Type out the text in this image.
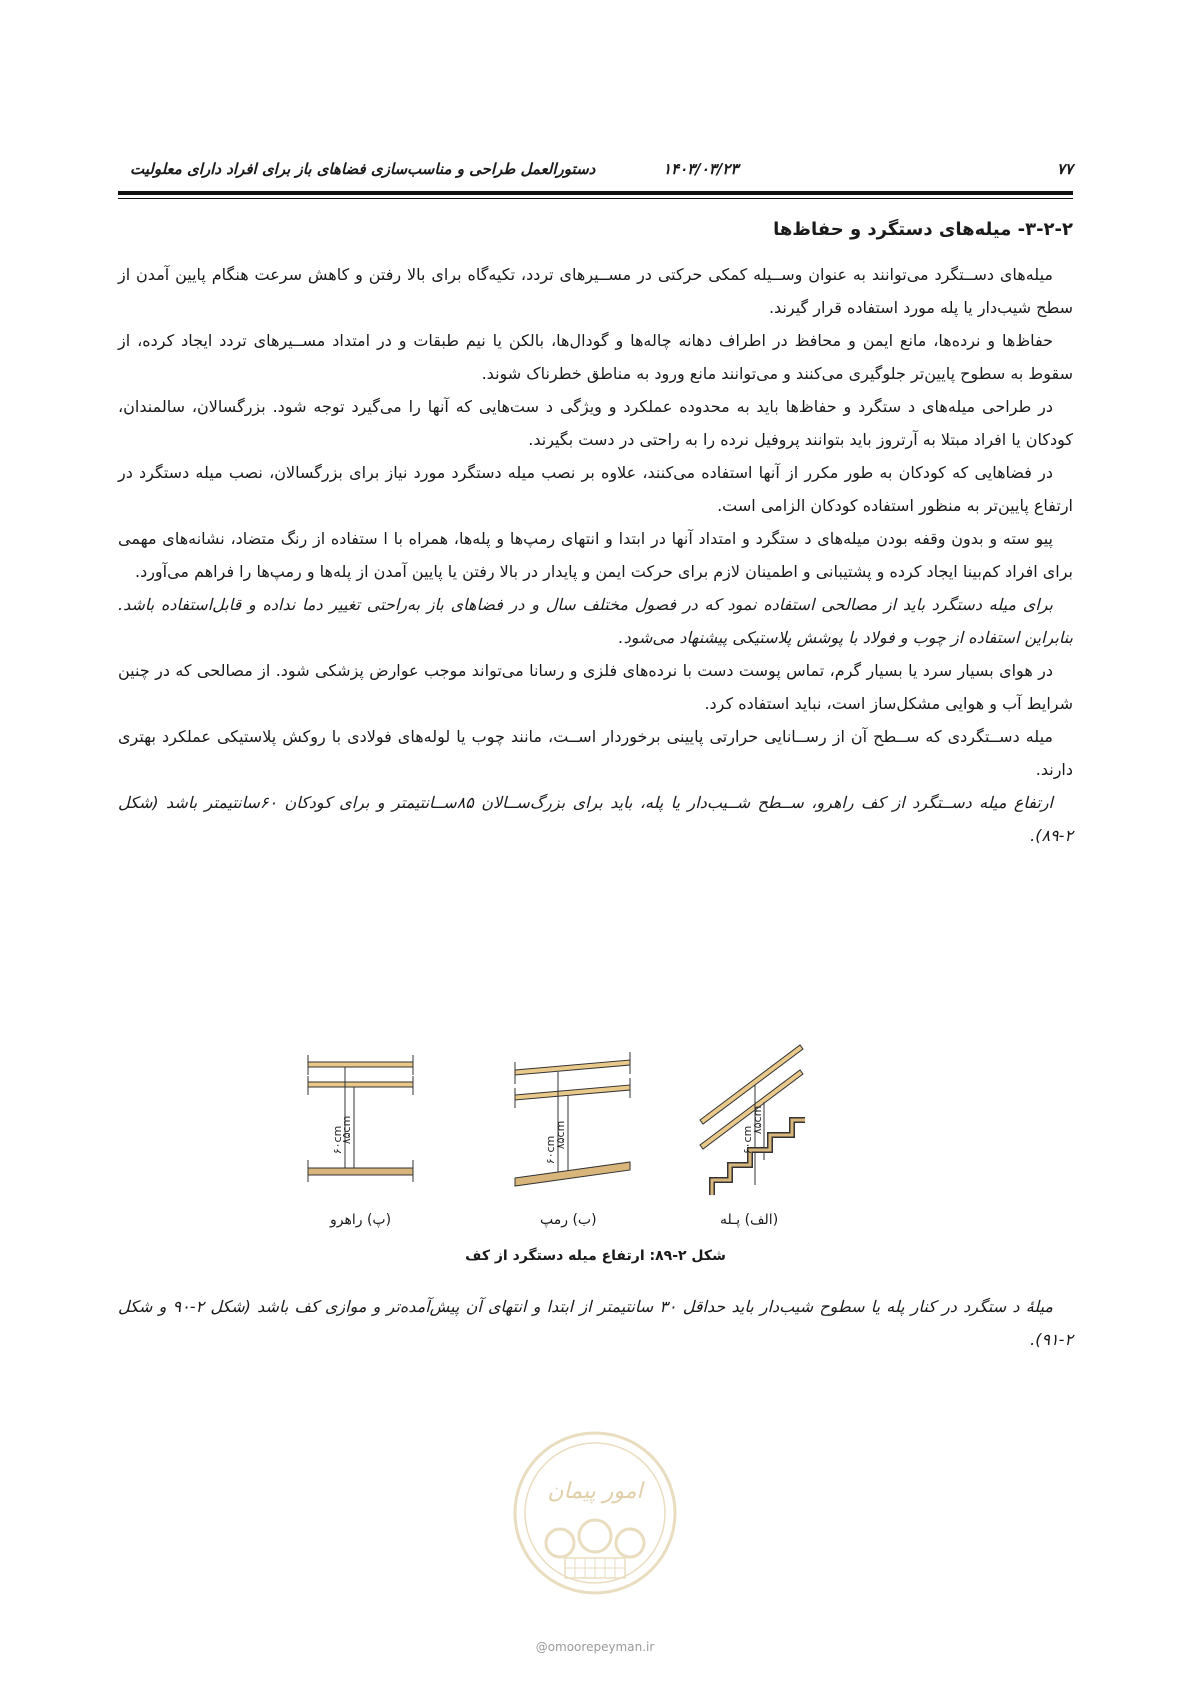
۷۷
۱۴۰۳/۰۳/۲۳
دستورالعمل طراحی و مناسب‌سازی فضاهای باز برای افراد دارای معلولیت
۳-۲-۲- میله‌های دستگرد و حفاظ‌ها

میله‌های دســتگرد می‌توانند به عنوان وســیله کمکی حرکتی در مســیرهای تردد، تکیه‌گاه برای بالا رفتن و کاهش سرعت هنگام پایین آمدن از سطح شیب‌دار یا پله مورد استفاده قرار گیرند.

حفاظ‌ها و نرده‌ها، مانع ایمن و محافظ در اطراف دهانه چاله‌ها و گودال‌ها، بالکن یا نیم طبقات و در امتداد مســیرهای تردد ایجاد کرده، از سقوط به سطوح پایین‌تر جلوگیری می‌کنند و می‌توانند مانع ورود به مناطق خطرناک شوند.

در طراحی میله‌های د ستگرد و حفاظ‌ها باید به محدوده عملکرد و ویژگی د ست‌هایی که آنها را می‌گیرد توجه شود. بزرگسالان، سالمندان، کودکان یا افراد مبتلا به آرتروز باید بتوانند پروفیل نرده را به راحتی در دست بگیرند.

در فضاهایی که کودکان به طور مکرر از آنها استفاده می‌کنند، علاوه بر نصب میله دستگرد مورد نیاز برای بزرگسالان، نصب میله دستگرد در ارتفاع پایین‌تر به منظور استفاده کودکان الزامی است.

پیو سته و بدون وقفه بودن میله‌های د ستگرد و امتداد آنها در ابتدا و انتهای رمپ‌ها و پله‌ها، همراه با ا ستفاده از رنگ متضاد، نشانه‌های مهمی برای افراد کم‌بینا ایجاد کرده و پشتیبانی و اطمینان لازم برای حرکت ایمن و پایدار در بالا رفتن یا پایین آمدن از پله‌ها و رمپ‌ها را فراهم می‌آورد.

برای میله دستگرد باید از مصالحی استفاده نمود که در فصول مختلف سال و در فضاهای باز به‌راحتی تغییر دما نداده و قابل‌استفاده باشد. بنابراین استفاده از چوب و فولاد با پوشش پلاستیکی پیشنهاد می‌شود.

در هوای بسیار سرد یا بسیار گرم، تماس پوست دست با نرده‌های فلزی و رسانا می‌تواند موجب عوارض پزشکی شود. از مصالحی که در چنین شرایط آب و هوایی مشکل‌ساز است، نباید استفاده کرد.

میله دســتگردی که ســطح آن از رســانایی حرارتی پایینی برخوردار اســت، مانند چوب یا لوله‌های فولادی با روکش پلاستیکی عملکرد بهتری دارند.

ارتفاع میله دســتگرد از کف راهرو، ســطح شــیب‌دار یا پله، باید برای بزرگ‌ســالان ۸۵ســانتیمتر و برای کودکان ۶۰سانتیمتر باشد (شکل ۲-۸۹).

۸۵cm
۶۰cm	۸۵cm
۶۰cm
۸۵cm
۶۰cm
(پ) راهرو	(ب) رمپ	(الف) پـله
شکل ۲-۸۹: ارتفاع میله دستگرد از کف

میلهٔ د ستگرد در کنار پله یا سطوح شیب‌دار باید حداقل ۳۰ سانتیمتر از ابتدا و انتهای آن پیش‌آمده‌تر و موازی کف باشد (شکل ۲-۹۰ و شکل ۲-۹۱).

امور پیمان
@omoorepeyman.ir
